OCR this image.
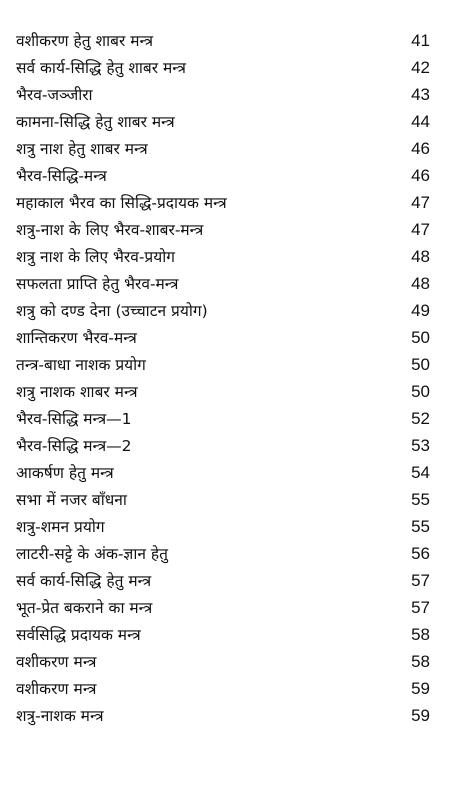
वशीकरण हेतु शाबर मन्त्र	41
सर्व कार्य-सिद्धि हेतु शाबर मन्त्र	42
भैरव-जञ्जीरा	43
कामना-सिद्धि हेतु शाबर मन्त्र	44
शत्रु नाश हेतु शाबर मन्त्र	46
भैरव-सिद्धि-मन्त्र	46
महाकाल भैरव का सिद्धि-प्रदायक मन्त्र	47
शत्रु-नाश के लिए भैरव-शाबर-मन्त्र	47
शत्रु नाश के लिए भैरव-प्रयोग	48
सफलता प्राप्ति हेतु भैरव-मन्त्र	48
शत्रु को दण्ड देना (उच्चाटन प्रयोग)	49
शान्तिकरण भैरव-मन्त्र	50
तन्त्र-बाधा नाशक प्रयोग	50
शत्रु नाशक शाबर मन्त्र	50
भैरव-सिद्धि मन्त्र—1	52
भैरव-सिद्धि मन्त्र—2	53
आकर्षण हेतु मन्त्र	54
सभा में नजर बाँधना	55
शत्रु-शमन प्रयोग	55
लाटरी-सट्टे के अंक-ज्ञान हेतु	56
सर्व कार्य-सिद्धि हेतु मन्त्र	57
भूत-प्रेत बकराने का मन्त्र	57
सर्वसिद्धि प्रदायक मन्त्र	58
वशीकरण मन्त्र	58
वशीकरण मन्त्र	59
शत्रु-नाशक मन्त्र	59
